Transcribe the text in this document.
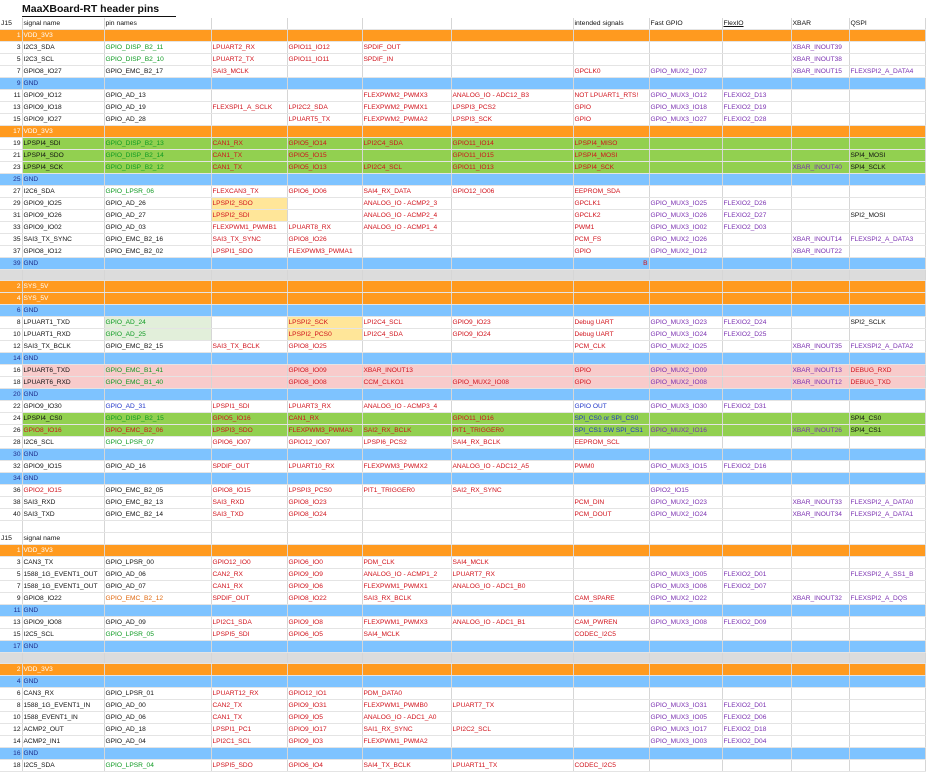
MaaXBoard-RT header pins
J15	signal name	pin names					intended signals	Fast GPIO	FlexIO	XBAR	QSPI
1	VDD_3V3										
3	I2C3_SDA	GPIO_DISP_B2_11	LPUART2_RX	GPIO11_IO12	SPDIF_OUT					XBAR_INOUT39	
5	I2C3_SCL	GPIO_DISP_B2_10	LPUART2_TX	GPIO11_IO11	SPDIF_IN					XBAR_INOUT38	
7	GPIO8_IO27	GPIO_EMC_B2_17	SAI3_MCLK				GPCLK0	GPIO_MUX2_IO27		XBAR_INOUT15	FLEXSPI2_A_DATA4
9	GND										
11	GPIO9_IO12	GPIO_AD_13			FLEXPWM2_PWMX3	ANALOG_IO - ADC12_B3	NOT LPUART1_RTS!	GPIO_MUX3_IO12	FLEXIO2_D13		
13	GPIO9_IO18	GPIO_AD_19	FLEXSPI1_A_SCLK	LPI2C2_SDA	FLEXPWM2_PWMX1	LPSPI3_PCS2	GPIO	GPIO_MUX3_IO18	FLEXIO2_D19		
15	GPIO9_IO27	GPIO_AD_28		LPUART5_TX	FLEXPWM2_PWMA2	LPSPI3_SCK	GPIO	GPIO_MUX3_IO27	FLEXIO2_D28		
17	VDD_3V3										
19	LPSPI4_SDI	GPIO_DISP_B2_13	CAN1_RX	GPIO5_IO14	LPI2C4_SDA	GPIO11_IO14	LPSPI4_MISO				
21	LPSPI4_SDO	GPIO_DISP_B2_14	CAN1_TX	GPIO5_IO15		GPIO11_IO15	LPSPI4_MOSI				SPI4_MOSI
23	LPSPI4_SCK	GPIO_DISP_B2_12	CAN1_TX	GPIO5_IO13	LPI2C4_SCL	GPIO11_IO13	LPSPI4_SCK			XBAR_INOUT40	SPI4_SCLK
25	GND										
27	I2C6_SDA	GPIO_LPSR_06	FLEXCAN3_TX	GPIO6_IO06	SAI4_RX_DATA	GPIO12_IO06	EEPROM_SDA				
29	GPIO9_IO25	GPIO_AD_26	LPSPI2_SDO		ANALOG_IO - ACMP2_3		GPCLK1	GPIO_MUX3_IO25	FLEXIO2_D26		
31	GPIO9_IO26	GPIO_AD_27	LPSPI2_SDI		ANALOG_IO - ACMP2_4		GPCLK2	GPIO_MUX3_IO26	FLEXIO2_D27		SPI2_MOSI
33	GPIO9_IO02	GPIO_AD_03	FLEXPWM1_PWMB1	LPUART8_RX	ANALOG_IO - ACMP1_4		PWM1	GPIO_MUX3_IO02	FLEXIO2_D03		
35	SAI3_TX_SYNC	GPIO_EMC_B2_16	SAI3_TX_SYNC	GPIO8_IO26			PCM_FS	GPIO_MUX2_IO26		XBAR_INOUT14	FLEXSPI2_A_DATA3
37	GPIO8_IO12	GPIO_EMC_B2_02	LPSPI1_SDO	FLEXPWM3_PWMA1			GPIO	GPIO_MUX2_IO12		XBAR_INOUT22	
39	GND						B				

2	SYS_5V										
4	SYS_5V										
6	GND										
8	LPUART1_TXD	GPIO_AD_24		LPSPI2_SCK	LPI2C4_SCL	GPIO9_IO23	Debug UART	GPIO_MUX3_IO23	FLEXIO2_D24		SPI2_SCLK
10	LPUART1_RXD	GPIO_AD_25		LPSPI2_PCS0	LPI2C4_SDA	GPIO9_IO24	Debug UART	GPIO_MUX3_IO24	FLEXIO2_D25		
12	SAI3_TX_BCLK	GPIO_EMC_B2_15	SAI3_TX_BCLK	GPIO8_IO25			PCM_CLK	GPIO_MUX2_IO25		XBAR_INOUT35	FLEXSPI2_A_DATA2
14	GND										
16	LPUART6_TXD	GPIO_EMC_B1_41		GPIO8_IO09	XBAR_INOUT13		GPIO	GPIO_MUX2_IO09		XBAR_INOUT13	DEBUG_RXD
18	LPUART6_RXD	GPIO_EMC_B1_40		GPIO8_IO08	CCM_CLKO1	GPIO_MUX2_IO08	GPIO	GPIO_MUX2_IO08		XBAR_INOUT12	DEBUG_TXD
20	GND										
22	GPIO9_IO30	GPIO_AD_31	LPSPI1_SDI	LPUART3_RX	ANALOG_IO - ACMP3_4		GPIO OUT	GPIO_MUX3_IO30	FLEXIO2_D31		
24	LPSPI4_CS0	GPIO_DISP_B2_15	GPIO5_IO16	CAN1_RX		GPIO11_IO16	SPI_CS0 or SPI_CS0				SPI4_CS0
26	GPIO8_IO16	GPIO_EMC_B2_06	LPSPI3_SDO	FLEXPWM3_PWMA3	SAI2_RX_BCLK	PIT1_TRIGGER0	SPI_CS1 SW SPI_CS1	GPIO_MUX2_IO16		XBAR_INOUT26	SPI4_CS1
28	I2C6_SCL	GPIO_LPSR_07	GPIO6_IO07	GPIO12_IO07	LPSPI6_PCS2	SAI4_RX_BCLK	EEPROM_SCL				
30	GND										
32	GPIO9_IO15	GPIO_AD_16	SPDIF_OUT	LPUART10_RX	FLEXPWM3_PWMX2	ANALOG_IO - ADC12_A5	PWM0	GPIO_MUX3_IO15	FLEXIO2_D16		
34	GND										
36	GPIO2_IO15	GPIO_EMC_B2_05	GPIO8_IO15	LPSPI3_PCS0	PIT1_TRIGGER0	SAI2_RX_SYNC		GPIO2_IO15			
38	SAI3_RXD	GPIO_EMC_B2_13	SAI3_RXD	GPIO8_IO23			PCM_DIN	GPIO_MUX2_IO23		XBAR_INOUT33	FLEXSPI2_A_DATA0
40	SAI3_TXD	GPIO_EMC_B2_14	SAI3_TXD	GPIO8_IO24			PCM_DOUT	GPIO_MUX2_IO24		XBAR_INOUT34	FLEXSPI2_A_DATA1

J15	signal name										
1	VDD_3V3										
3	CAN3_TX	GPIO_LPSR_00	GPIO12_IO0	GPIO6_IO0	PDM_CLK	SAI4_MCLK					
5	1588_1G_EVENT1_OUT	GPIO_AD_06	CAN2_RX	GPIO9_IO9	ANALOG_IO - ACMP1_2	LPUART7_RX		GPIO_MUX3_IO05	FLEXIO2_D01		FLEXSPI2_A_SS1_B
7	1588_1G_EVENT1_OUT	GPIO_AD_07	CAN1_RX	GPIO9_IO6	FLEXPWM1_PWMX1	ANALOG_IO - ADC1_B0		GPIO_MUX3_IO06	FLEXIO2_D07		
9	GPIO8_IO22	GPIO_EMC_B2_12	SPDIF_OUT	GPIO8_IO22	SAI3_RX_BCLK		CAM_SPARE	GPIO_MUX2_IO22		XBAR_INOUT32	FLEXSPI2_A_DQS
11	GND										
13	GPIO9_IO08	GPIO_AD_09	LPI2C1_SDA	GPIO9_IO8	FLEXPWM1_PWMX3	ANALOG_IO - ADC1_B1	CAM_PWREN	GPIO_MUX3_IO08	FLEXIO2_D09		
15	I2C5_SCL	GPIO_LPSR_05	LPSPI5_SDI	GPIO6_IO5	SAI4_MCLK		CODEC_I2C5				
17	GND										

2	VDD_3V3										
4	GND										
6	CAN3_RX	GPIO_LPSR_01	LPUART12_RX	GPIO12_IO1	PDM_DATA0						
8	1588_1G_EVENT1_IN	GPIO_AD_00	CAN2_TX	GPIO9_IO31	FLEXPWM1_PWMB0	LPUART7_TX		GPIO_MUX3_IO31	FLEXIO2_D01		
10	1588_EVENT1_IN	GPIO_AD_06	CAN1_TX	GPIO9_IO5	ANALOG_IO - ADC1_A0			GPIO_MUX3_IO05	FLEXIO2_D06		
12	ACMP2_OUT	GPIO_AD_18	LPSPI1_PC1	GPIO9_IO17	SAI1_RX_SYNC	LPI2C2_SCL		GPIO_MUX3_IO17	FLEXIO2_D18		
14	ACMP2_IN1	GPIO_AD_04	LPI2C1_SCL	GPIO9_IO3	FLEXPWM1_PWMA2			GPIO_MUX3_IO03	FLEXIO2_D04		
16	GND										
18	I2C5_SDA	GPIO_LPSR_04	LPSPI5_SDO	GPIO6_IO4	SAI4_TX_BCLK	LPUART11_TX	CODEC_I2C5				
